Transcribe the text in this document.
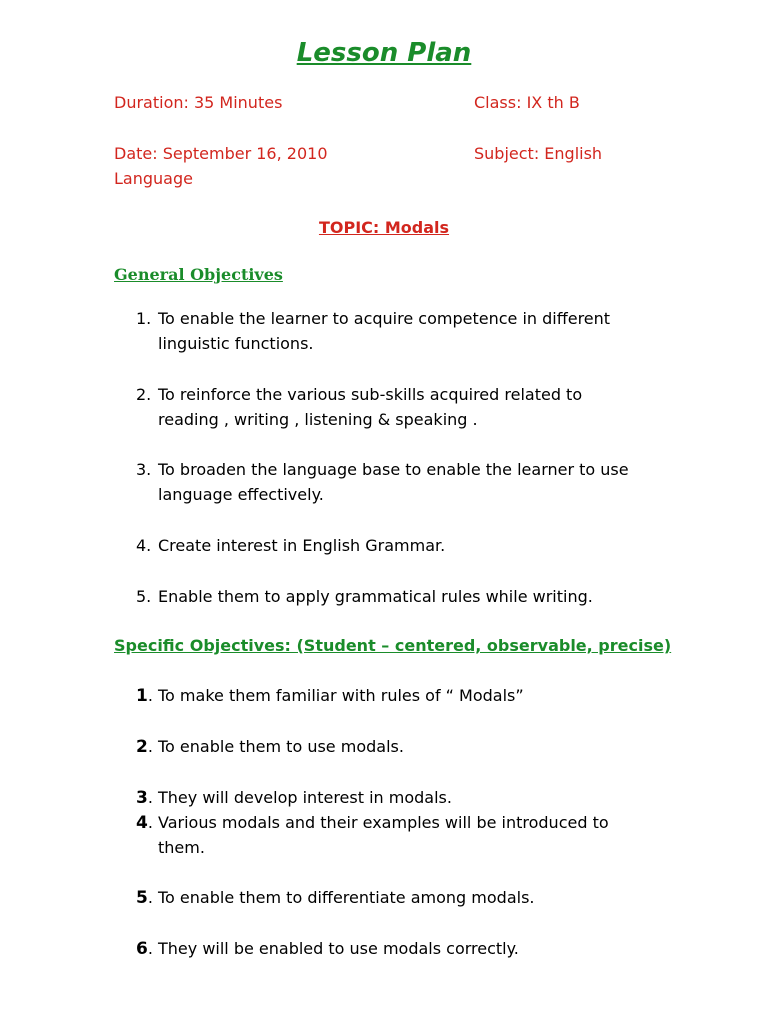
Lesson Plan
Duration: 35 Minutes	Class: IX th B
Date: September 16, 2010	Subject: English
Language
TOPIC: Modals
General Objectives
1. To enable the learner to acquire competence in different
linguistic functions.
2. To reinforce the various sub-skills acquired related to
reading , writing , listening & speaking .
3. To broaden the language base to enable the learner to use
language effectively.
4. Create interest in English Grammar.
5. Enable them to apply grammatical rules while writing.
Specific Objectives: (Student – centered, observable, precise)
1. To make them familiar with rules of “ Modals”
2. To enable them to use modals.
3. They will develop interest in modals.
4. Various modals and their examples will be introduced to
them.
5. To enable them to differentiate among modals.
6. They will be enabled to use modals correctly.
